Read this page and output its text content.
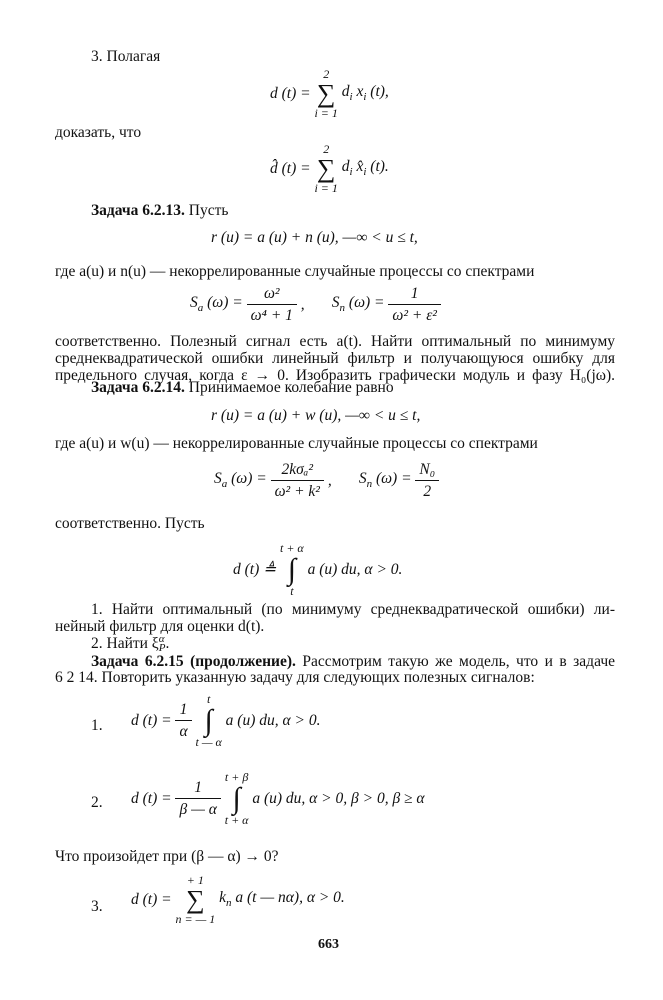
3. Полагая
d (t) =
2
∑
i = 1
$d_i$ $x_i$ (t),
доказать, что
d̂ (t) =
2
∑
i = 1
$d_i$ $x̂_i$ (t).
Задача 6.2.13. Пусть
r (u) = a (u) + n (u), —∞ < u ≤ t,
где a(u) и n(u) — некоррелированные случайные процессы со спектрами
$S_a$ $(\omega) = \frac{\text{ω²}}{\text{ω⁴ + 1}}$ ,       $S_n$ $(\omega) = \frac{1}{\text{ω² + ε²}}$
соответственно. Полезный сигнал есть a(t). Найти оптимальный по минимуму
среднеквадратической ошибки линейный фильтр и получающуюся ошибку для
предельного случая, когда ε → 0. Изобразить графически модуль и фазу H₀(jω).
Задача 6.2.14. Принимаемое колебание равно
r (u) = a (u) + w (u), —∞ < u ≤ t,
где a(u) и w(u) — некоррелированные случайные процессы со спектрами
$S_a$ $(\omega) = \frac{\text{2kσₐ²}}{\text{ω² + k²}}$ ,       $S_n$ $(\omega) = \frac{\text{N₀}}{2}$
соответственно. Пусть
d (t) ≜
t + α
∫
t
a (u) du, α > 0.
1. Найти оптимальный (по минимуму среднеквадратической ошибки) ли-
нейный фильтр для оценки d(t).
2. Найти ξ α
P .
Задача 6.2.15 (продолжение). Рассмотрим такую же модель, что и в задаче
6 2 14. Повторить указанную задачу для следующих полезных сигналов:
1. d $(t) = \frac{1}{\alpha}$

t
∫
t — α
a (u) du, α > 0.
2. d $(t) = \frac{1}{\beta — \alpha}$

t + β
∫
t + α
a (u) du, α > 0, β > 0, β ≥ α
Что произойдет при (β — α) → 0?
3. d (t) =
+ 1
∑
n = — 1
$k_n$ a (t — nα), α > 0.
663
